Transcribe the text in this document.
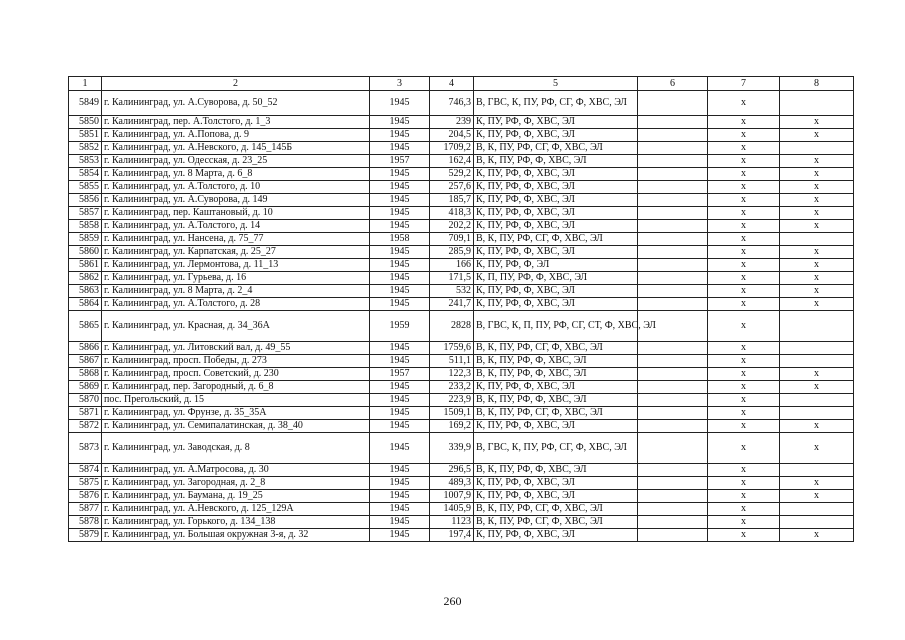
1	2	3	4	5	6	7	8
5849	г. Калининград, ул. А.Суворова, д. 50_52	1945	746,3	В, ГВС, К, ПУ, РФ, СГ, Ф, ХВС, ЭЛ		х	
5850	г. Калининград, пер. А.Толстого, д. 1_3	1945	239	К, ПУ, РФ, Ф, ХВС, ЭЛ		х	х
5851	г. Калининград, ул. А.Попова, д. 9	1945	204,5	К, ПУ, РФ, Ф, ХВС, ЭЛ		х	х
5852	г. Калининград, ул. А.Невского, д. 145_145Б	1945	1709,2	В, К, ПУ, РФ, СГ, Ф, ХВС, ЭЛ		х	
5853	г. Калининград, ул. Одесская, д. 23_25	1957	162,4	В, К, ПУ, РФ, Ф, ХВС, ЭЛ		х	х
5854	г. Калининград, ул. 8 Марта, д. 6_8	1945	529,2	К, ПУ, РФ, Ф, ХВС, ЭЛ		х	х
5855	г. Калининград, ул. А.Толстого, д. 10	1945	257,6	К, ПУ, РФ, Ф, ХВС, ЭЛ		х	х
5856	г. Калининград, ул. А.Суворова, д. 149	1945	185,7	К, ПУ, РФ, Ф, ХВС, ЭЛ		х	х
5857	г. Калининград, пер. Каштановый, д. 10	1945	418,3	К, ПУ, РФ, Ф, ХВС, ЭЛ		х	х
5858	г. Калининград, ул. А.Толстого, д. 14	1945	202,2	К, ПУ, РФ, Ф, ХВС, ЭЛ		х	х
5859	г. Калининград, ул. Нансена, д. 75_77	1958	709,1	В, К, ПУ, РФ, СГ, Ф, ХВС, ЭЛ		х	
5860	г. Калининград, ул. Карпатская, д. 25_27	1945	285,9	К, ПУ, РФ, Ф, ХВС, ЭЛ		х	х
5861	г. Калининград, ул. Лермонтова, д. 11_13	1945	166	К, ПУ, РФ, Ф, ЭЛ		х	х
5862	г. Калининград, ул. Гурьева, д. 16	1945	171,5	К, П, ПУ, РФ, Ф, ХВС, ЭЛ		х	х
5863	г. Калининград, ул. 8 Марта, д. 2_4	1945	532	К, ПУ, РФ, Ф, ХВС, ЭЛ		х	х
5864	г. Калининград, ул. А.Толстого, д. 28	1945	241,7	К, ПУ, РФ, Ф, ХВС, ЭЛ		х	х
5865	г. Калининград, ул. Красная, д. 34_36А	1959	2828	В, ГВС, К, П, ПУ, РФ, СГ, СТ, Ф, ХВС, ЭЛ		х	
5866	г. Калининград, ул. Литовский вал, д. 49_55	1945	1759,6	В, К, ПУ, РФ, СГ, Ф, ХВС, ЭЛ		х	
5867	г. Калининград, просп. Победы, д. 273	1945	511,1	В, К, ПУ, РФ, Ф, ХВС, ЭЛ		х	
5868	г. Калининград, просп. Советский, д. 230	1957	122,3	В, К, ПУ, РФ, Ф, ХВС, ЭЛ		х	х
5869	г. Калининград, пер. Загородный, д. 6_8	1945	233,2	К, ПУ, РФ, Ф, ХВС, ЭЛ		х	х
5870	пос. Прегольский, д. 15	1945	223,9	В, К, ПУ, РФ, Ф, ХВС, ЭЛ		х	
5871	г. Калининград, ул. Фрунзе, д. 35_35А	1945	1509,1	В, К, ПУ, РФ, СГ, Ф, ХВС, ЭЛ		х	
5872	г. Калининград, ул. Семипалатинская, д. 38_40	1945	169,2	К, ПУ, РФ, Ф, ХВС, ЭЛ		х	х
5873	г. Калининград, ул. Заводская, д. 8	1945	339,9	В, ГВС, К, ПУ, РФ, СГ, Ф, ХВС, ЭЛ		х	х
5874	г. Калининград, ул. А.Матросова, д. 30	1945	296,5	В, К, ПУ, РФ, Ф, ХВС, ЭЛ		х	
5875	г. Калининград, ул. Загородная, д. 2_8	1945	489,3	К, ПУ, РФ, Ф, ХВС, ЭЛ		х	х
5876	г. Калининград, ул. Баумана, д. 19_25	1945	1007,9	К, ПУ, РФ, Ф, ХВС, ЭЛ		х	х
5877	г. Калининград, ул. А.Невского, д. 125_129А	1945	1405,9	В, К, ПУ, РФ, СГ, Ф, ХВС, ЭЛ		х	
5878	г. Калининград, ул. Горького, д. 134_138	1945	1123	В, К, ПУ, РФ, СГ, Ф, ХВС, ЭЛ		х	
5879	г. Калининград, ул. Большая окружная 3-я, д. 32	1945	197,4	К, ПУ, РФ, Ф, ХВС, ЭЛ		х	х
260
